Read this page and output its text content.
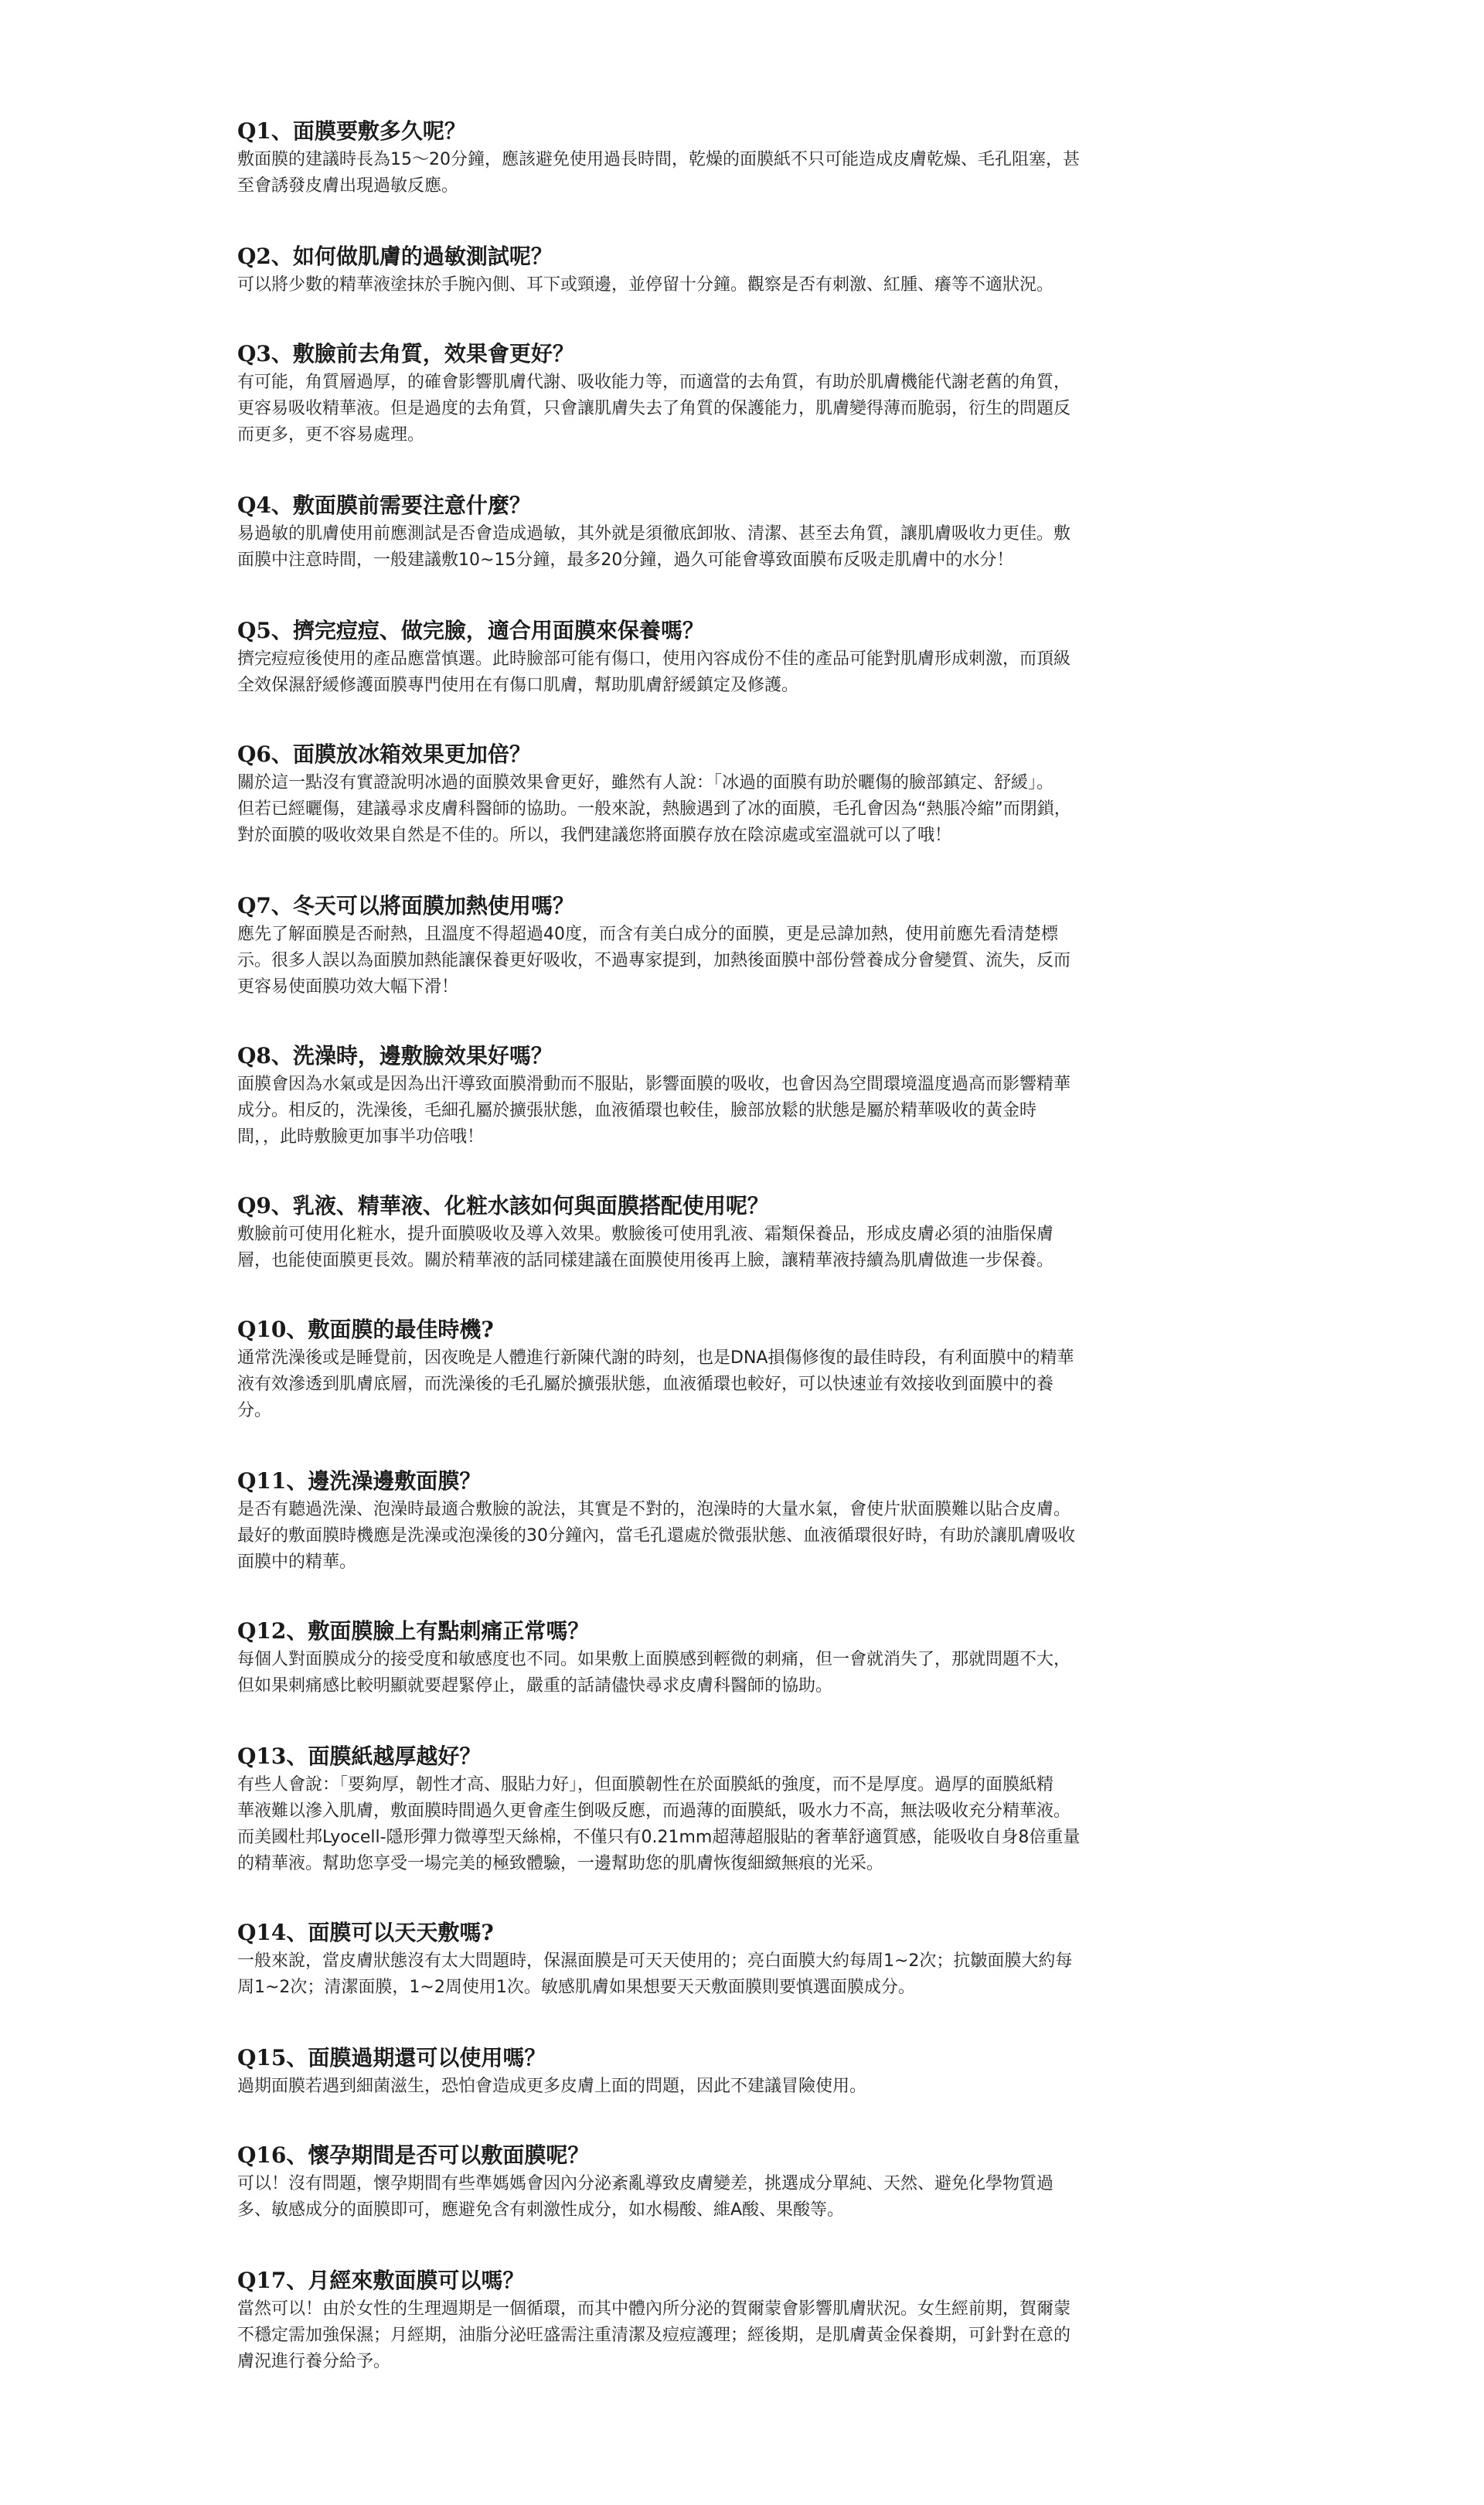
Q1、面膜要敷多久呢？

敷面膜的建議時長為15～20分鐘，應該避免使用過長時間，乾燥的面膜紙不只可能造成皮膚乾燥、毛孔阻塞，甚
至會誘發皮膚出現過敏反應。

Q2、如何做肌膚的過敏測試呢？

可以將少數的精華液塗抹於手腕內側、耳下或頸邊，並停留十分鐘。觀察是否有刺激、紅腫、癢等不適狀況。

Q3、敷臉前去角質，效果會更好？

有可能，角質層過厚，的確會影響肌膚代謝、吸收能力等，而適當的去角質，有助於肌膚機能代謝老舊的角質，
更容易吸收精華液。但是過度的去角質，只會讓肌膚失去了角質的保護能力，肌膚變得薄而脆弱，衍生的問題反
而更多，更不容易處理。

Q4、敷面膜前需要注意什麼？

易過敏的肌膚使用前應測試是否會造成過敏，其外就是須徹底卸妝、清潔、甚至去角質，讓肌膚吸收力更佳。敷
面膜中注意時間，一般建議敷10~15分鐘，最多20分鐘，過久可能會導致面膜布反吸走肌膚中的水分！

Q5、擠完痘痘、做完臉，適合用面膜來保養嗎？

擠完痘痘後使用的產品應當慎選。此時臉部可能有傷口，使用內容成份不佳的產品可能對肌膚形成刺激，而頂級
全效保濕舒緩修護面膜專門使用在有傷口肌膚，幫助肌膚舒緩鎮定及修護。

Q6、面膜放冰箱效果更加倍？

關於這一點沒有實證說明冰過的面膜效果會更好，雖然有人說：「冰過的面膜有助於曬傷的臉部鎮定、舒緩」。
但若已經曬傷，建議尋求皮膚科醫師的協助。一般來說，熱臉遇到了冰的面膜，毛孔會因為“熱脹冷縮”而閉鎖，
對於面膜的吸收效果自然是不佳的。所以，我們建議您將面膜存放在陰涼處或室溫就可以了哦！

Q7、冬天可以將面膜加熱使用嗎？

應先了解面膜是否耐熱，且溫度不得超過40度，而含有美白成分的面膜，更是忌諱加熱，使用前應先看清楚標
示。很多人誤以為面膜加熱能讓保養更好吸收，不過專家提到，加熱後面膜中部份營養成分會變質、流失，反而
更容易使面膜功效大幅下滑！

Q8、洗澡時，邊敷臉效果好嗎？

面膜會因為水氣或是因為出汗導致面膜滑動而不服貼，影響面膜的吸收，也會因為空間環境溫度過高而影響精華
成分。相反的，洗澡後，毛細孔屬於擴張狀態，血液循環也較佳，臉部放鬆的狀態是屬於精華吸收的黃金時
間，，此時敷臉更加事半功倍哦！

Q9、乳液、精華液、化粧水該如何與面膜搭配使用呢？

敷臉前可使用化粧水，提升面膜吸收及導入效果。敷臉後可使用乳液、霜類保養品，形成皮膚必須的油脂保膚
層，也能使面膜更長效。關於精華液的話同樣建議在面膜使用後再上臉，讓精華液持續為肌膚做進一步保養。

Q10、敷面膜的最佳時機?

通常洗澡後或是睡覺前，因夜晚是人體進行新陳代謝的時刻，也是DNA損傷修復的最佳時段，有利面膜中的精華
液有效滲透到肌膚底層，而洗澡後的毛孔屬於擴張狀態，血液循環也較好，可以快速並有效接收到面膜中的養
分。

Q11、邊洗澡邊敷面膜？

是否有聽過洗澡、泡澡時最適合敷臉的說法，其實是不對的，泡澡時的大量水氣，會使片狀面膜難以貼合皮膚。
最好的敷面膜時機應是洗澡或泡澡後的30分鐘內，當毛孔還處於微張狀態、血液循環很好時，有助於讓肌膚吸收
面膜中的精華。

Q12、敷面膜臉上有點刺痛正常嗎？

每個人對面膜成分的接受度和敏感度也不同。如果敷上面膜感到輕微的刺痛，但一會就消失了，那就問題不大，
但如果刺痛感比較明顯就要趕緊停止，嚴重的話請儘快尋求皮膚科醫師的協助。

Q13、面膜紙越厚越好？

有些人會說：「要夠厚，韌性才高、服貼力好」，但面膜韌性在於面膜紙的強度，而不是厚度。過厚的面膜紙精
華液難以滲入肌膚，敷面膜時間過久更會產生倒吸反應，而過薄的面膜紙，吸水力不高，無法吸收充分精華液。
而美國杜邦Lyocell-隱形彈力微導型天絲棉，不僅只有0.21mm超薄超服貼的奢華舒適質感，能吸收自身8倍重量
的精華液。幫助您享受一場完美的極致體驗，一邊幫助您的肌膚恢復細緻無痕的光采。

Q14、面膜可以天天敷嗎?

一般來說，當皮膚狀態沒有太大問題時，保濕面膜是可天天使用的；亮白面膜大約每周1~2次；抗皺面膜大約每
周1~2次；清潔面膜，1~2周使用1次。敏感肌膚如果想要天天敷面膜則要慎選面膜成分。

Q15、面膜過期還可以使用嗎？

過期面膜若遇到細菌滋生，恐怕會造成更多皮膚上面的問題，因此不建議冒險使用。

Q16、懷孕期間是否可以敷面膜呢？

可以！沒有問題，懷孕期間有些準媽媽會因內分泌紊亂導致皮膚變差，挑選成分單純、天然、避免化學物質過
多、敏感成分的面膜即可，應避免含有刺激性成分，如水楊酸、維A酸、果酸等。

Q17、月經來敷面膜可以嗎？

當然可以！由於女性的生理週期是一個循環，而其中體內所分泌的賀爾蒙會影響肌膚狀況。女生經前期，賀爾蒙
不穩定需加強保濕；月經期，油脂分泌旺盛需注重清潔及痘痘護理；經後期，是肌膚黃金保養期，可針對在意的
膚況進行養分給予。
